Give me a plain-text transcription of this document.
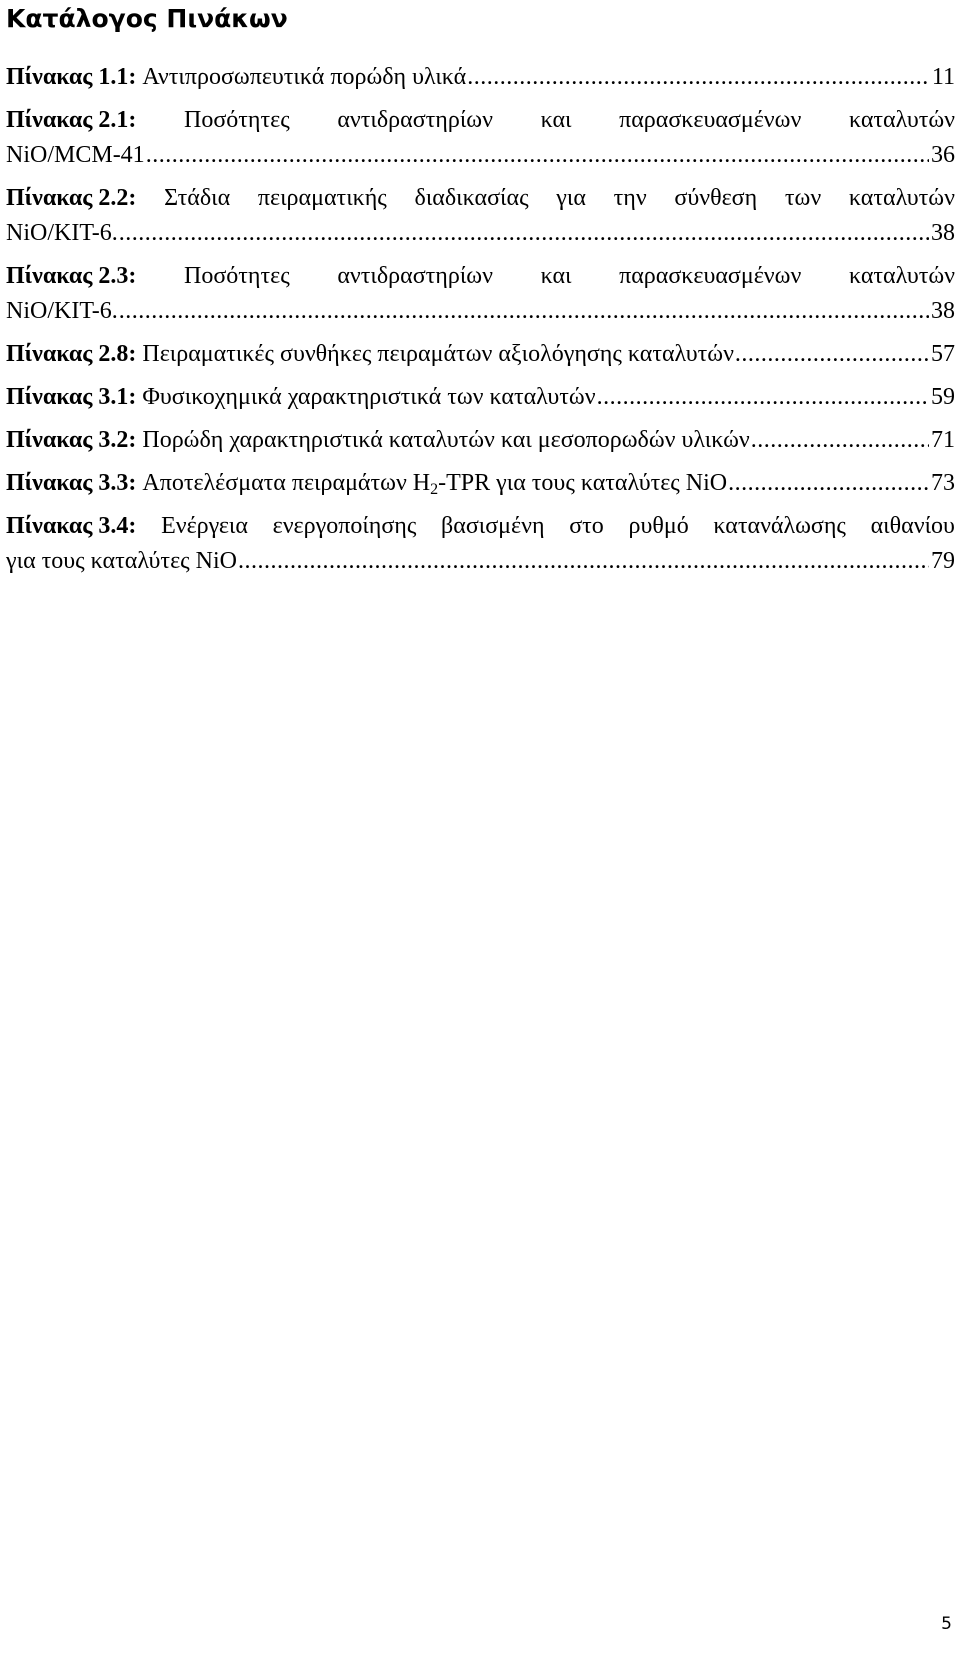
Κατάλογος Πινάκων
Πίνακας 1.1:
Αντιπροσωπευτικά πορώδη υλικά .....	11
Πίνακας 2.1: Ποσότητες αντιδραστηρίων και παρασκευασμένων καταλυτών
NiO/MCM-41 .....	36
Πίνακας 2.2: Στάδια πειραματικής διαδικασίας για την σύνθεση των καταλυτών
NiO/KIT-6. .....	38
Πίνακας 2.3: Ποσότητες αντιδραστηρίων και παρασκευασμένων καταλυτών
NiO/KIT-6. .....	38
Πίνακας 2.8:
Πειραματικές συνθήκες πειραμάτων αξιολόγησης καταλυτών .....	57
Πίνακας 3.1:
Φυσικοχημικά χαρακτηριστικά των καταλυτών .....	59
Πίνακας 3.2:
Πορώδη χαρακτηριστικά καταλυτών και μεσοπορωδών υλικών .....	71
Πίνακας 3.3:
Αποτελέσματα πειραμάτων $H_2$-TPR για τους καταλύτες NiO .....	73
Πίνακας 3.4: Ενέργεια ενεργοποίησης βασισμένη στο ρυθμό κατανάλωσης αιθανίου
για τους καταλύτες NiO .....	79
5
